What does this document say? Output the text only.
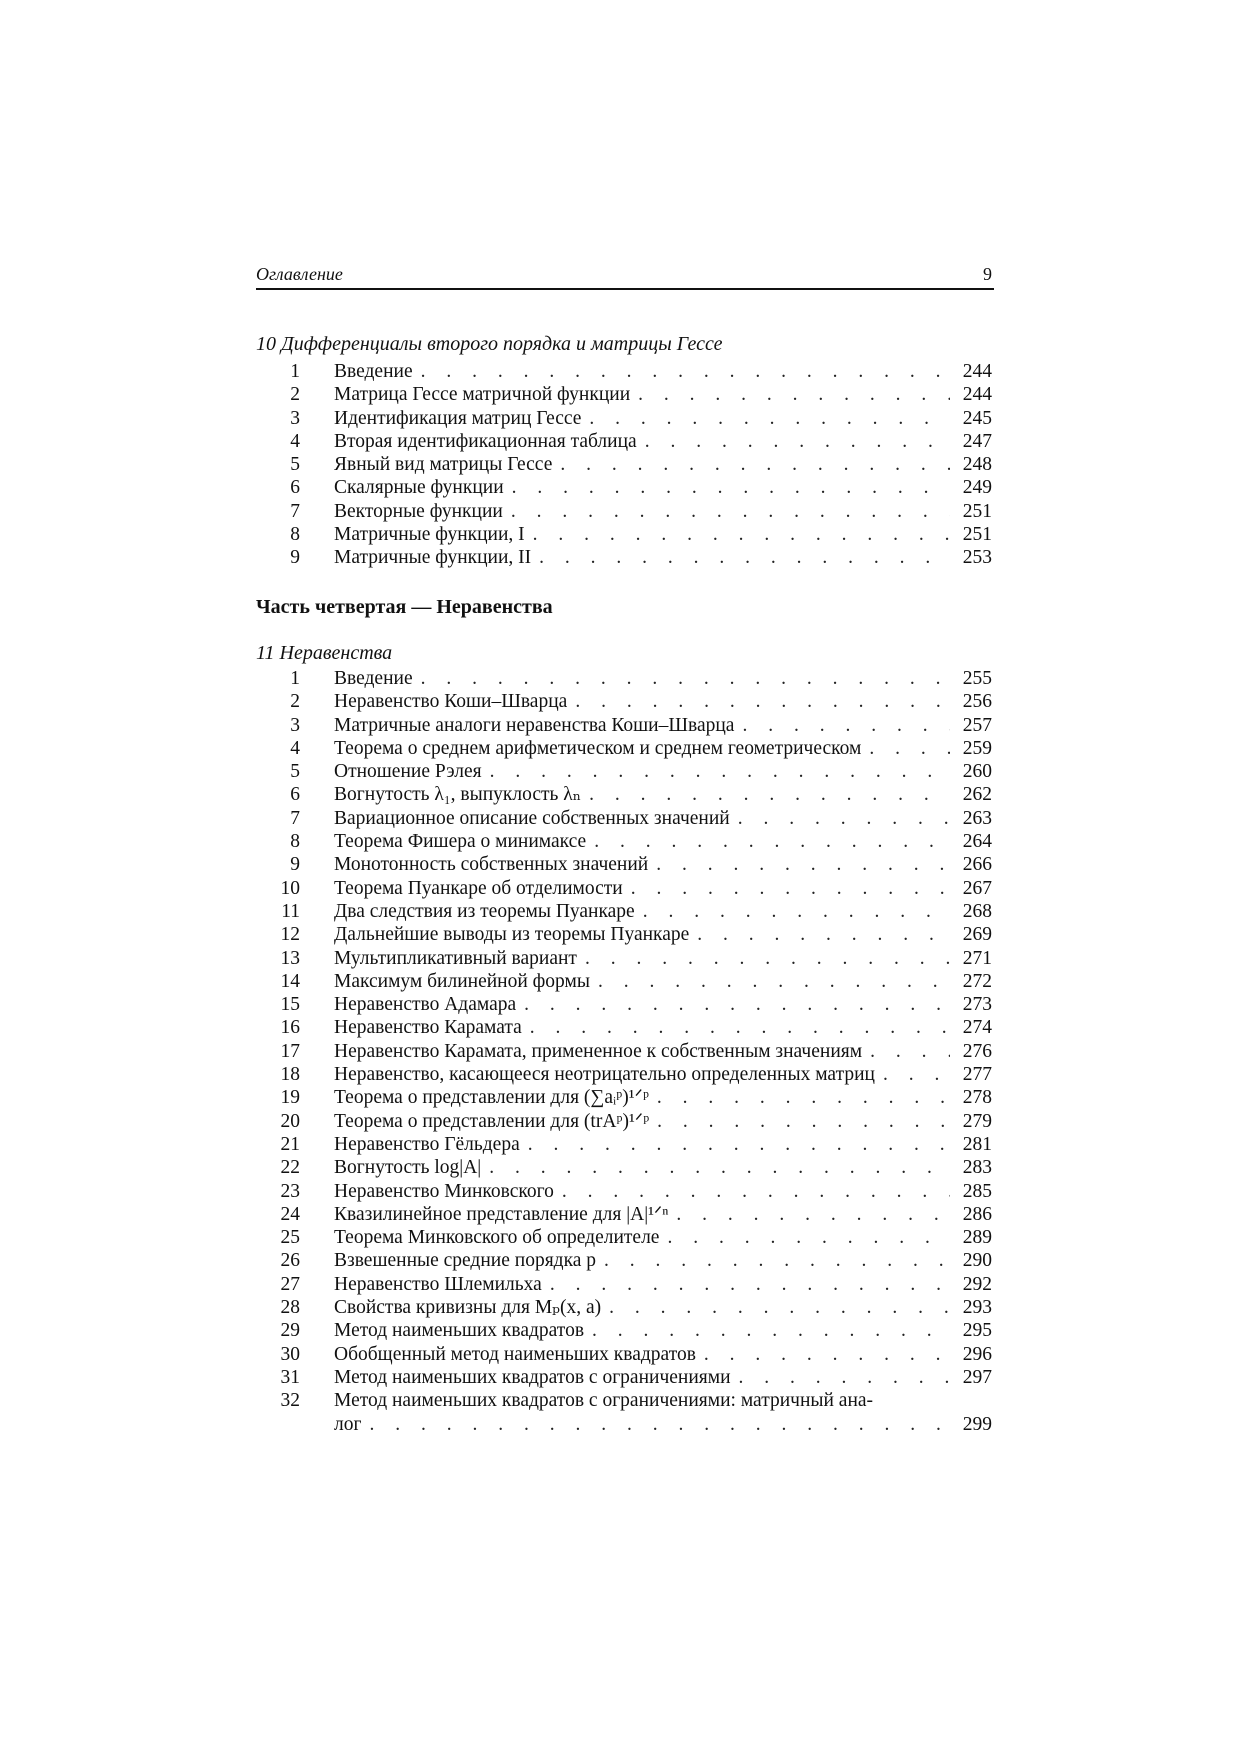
Оглавление	9
10 Дифференциалы второго порядка и матрицы Гессе
1 Введение . . .	244
2 Матрица Гессе матричной функции . . .	244
3 Идентификация матриц Гессе . . .	245
4 Вторая идентификационная таблица . . .	247
5 Явный вид матрицы Гессе . . .	248
6 Скалярные функции . . .	249
7 Векторные функции . . .	251
8 Матричные функции, I . . .	251
9 Матричные функции, II . . .	253
Часть четвертая — Неравенства
11 Неравенства
1 Введение . . .	255
2 Неравенство Коши–Шварца . . .	256
3 Матричные аналоги неравенства Коши–Шварца . . .	257
4 Теорема о среднем арифметическом и среднем геометрическом . . .	259
5 Отношение Рэлея . . .	260
6 Вогнутость λ₁, выпуклость λₙ . . .	262
7 Вариационное описание собственных значений . . .	263
8 Теорема Фишера о минимаксе . . .	264
9 Монотонность собственных значений . . .	266
10 Теорема Пуанкаре об отделимости . . .	267
11 Два следствия из теоремы Пуанкаре . . .	268
12 Дальнейшие выводы из теоремы Пуанкаре . . .	269
13 Мультипликативный вариант . . .	271
14 Максимум билинейной формы . . .	272
15 Неравенство Адамара . . .	273
16 Неравенство Карамата . . .	274
17 Неравенство Карамата, примененное к собственным значениям . . .	276
18 Неравенство, касающееся неотрицательно определенных матриц . . .	277
19 Теорема о представлении для (∑aᵢᵖ)¹ᐟᵖ . . .	278
20 Теорема о представлении для (trAᵖ)¹ᐟᵖ . . .	279
21 Неравенство Гёльдера . . .	281
22 Вогнутость log|A| . . .	283
23 Неравенство Минковского . . .	285
24 Квазилинейное представление для |A|¹ᐟⁿ . . .	286
25 Теорема Минковского об определителе . . .	289
26 Взвешенные средние порядка p . . .	290
27 Неравенство Шлемильха . . .	292
28 Свойства кривизны для Mₚ(x, a) . . .	293
29 Метод наименьших квадратов . . .	295
30 Обобщенный метод наименьших квадратов . . .	296
31 Метод наименьших квадратов с ограничениями . . .	297
32 Метод наименьших квадратов с ограничениями: матричный ана-
лог . . .	299
